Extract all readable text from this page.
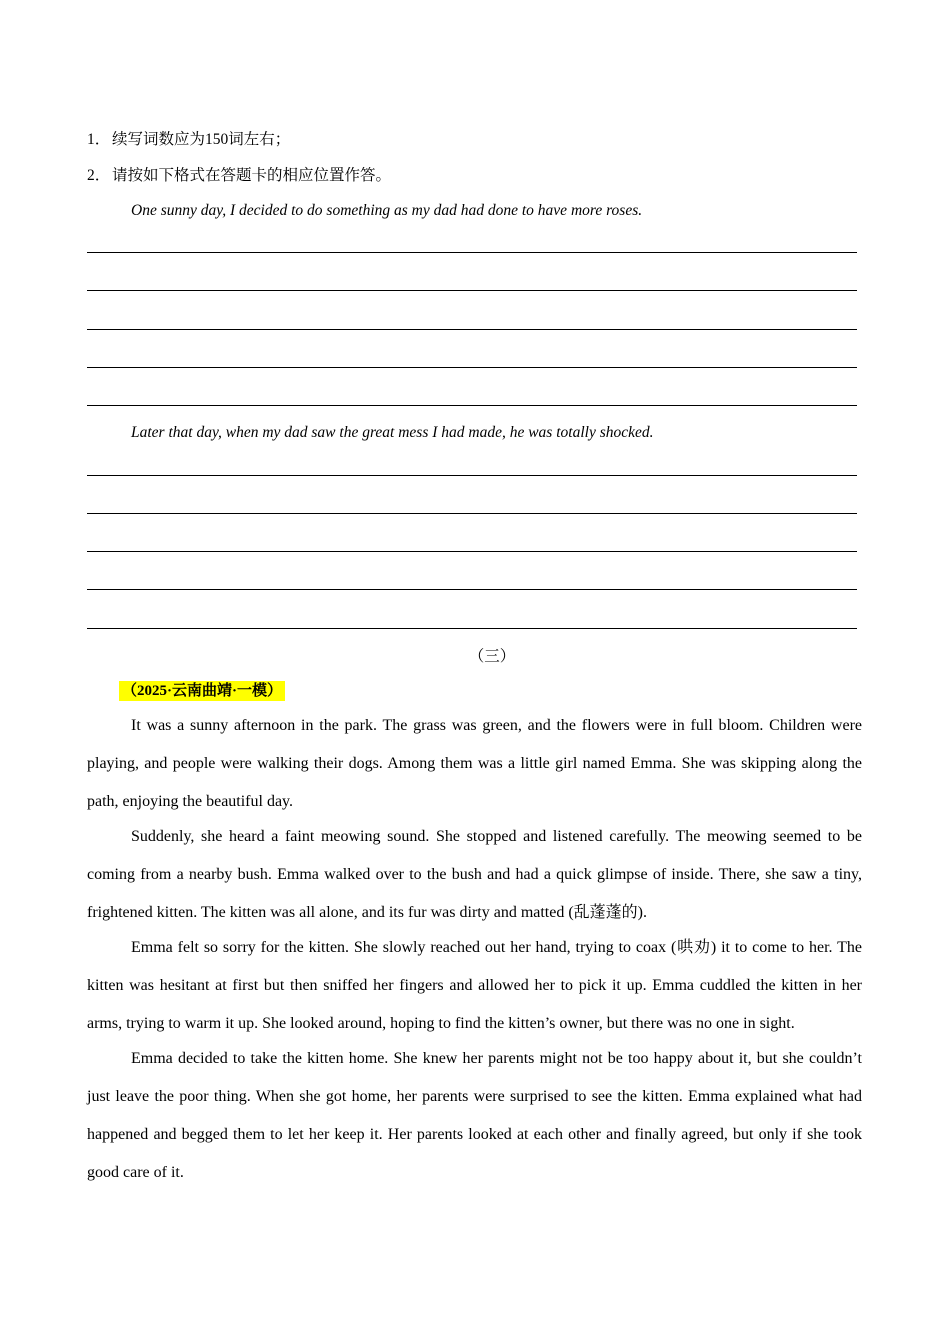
1． 续写词数应为150词左右；
2． 请按如下格式在答题卡的相应位置作答。
One sunny day, I decided to do something as my dad had done to have more roses.
Later that day, when my dad saw the great mess I had made, he was totally shocked.
（三）
（2025·云南曲靖·一模）

It was a sunny afternoon in the park. The grass was green, and the flowers were in full bloom. Children were playing, and people were walking their dogs. Among them was a little girl named Emma. She was skipping along the path, enjoying the beautiful day.

Suddenly, she heard a faint meowing sound. She stopped and listened carefully. The meowing seemed to be coming from a nearby bush. Emma walked over to the bush and had a quick glimpse of inside. There, she saw a tiny, frightened kitten. The kitten was all alone, and its fur was dirty and matted (乱蓬蓬的).

Emma felt so sorry for the kitten. She slowly reached out her hand, trying to coax (哄劝) it to come to her. The kitten was hesitant at first but then sniffed her fingers and allowed her to pick it up. Emma cuddled the kitten in her arms, trying to warm it up. She looked around, hoping to find the kitten’s owner, but there was no one in sight.

Emma decided to take the kitten home. She knew her parents might not be too happy about it, but she couldn’t just leave the poor thing. When she got home, her parents were surprised to see the kitten. Emma explained what had happened and begged them to let her keep it. Her parents looked at each other and finally agreed, but only if she took good care of it.
